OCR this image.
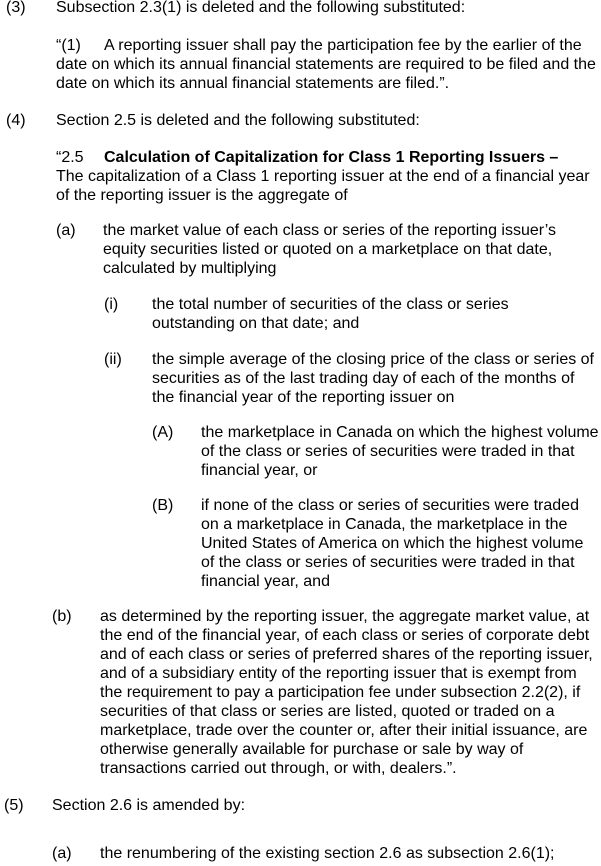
(3) Subsection 2.3(1) is deleted and the following substituted:
“(1)	A reporting issuer shall pay the participation fee by the earlier of the date on which its annual financial statements are required to be filed and the date on which its annual financial statements are filed.”.
(4) Section 2.5 is deleted and the following substituted:
“2.5 Calculation of Capitalization for Class 1 Reporting Issuers –
The capitalization of a Class 1 reporting issuer at the end of a financial year of the reporting issuer is the aggregate of
(a) the market value of each class or series of the reporting issuer’s equity securities listed or quoted on a marketplace on that date, calculated by multiplying
(i) the total number of securities of the class or series outstanding on that date; and
(ii) the simple average of the closing price of the class or series of securities as of the last trading day of each of the months of the financial year of the reporting issuer on
(A) the marketplace in Canada on which the highest volume of the class or series of securities were traded in that financial year, or
(B) if none of the class or series of securities were traded on a marketplace in Canada, the marketplace in the United States of America on which the highest volume of the class or series of securities were traded in that financial year, and
(b) as determined by the reporting issuer, the aggregate market value, at the end of the financial year, of each class or series of corporate debt and of each class or series of preferred shares of the reporting issuer, and of a subsidiary entity of the reporting issuer that is exempt from the requirement to pay a participation fee under subsection 2.2(2), if securities of that class or series are listed, quoted or traded on a marketplace, trade over the counter or, after their initial issuance, are otherwise generally available for purchase or sale by way of transactions carried out through, or with, dealers.”.
(5) Section 2.6 is amended by:
(a) the renumbering of the existing section 2.6 as subsection 2.6(1);
